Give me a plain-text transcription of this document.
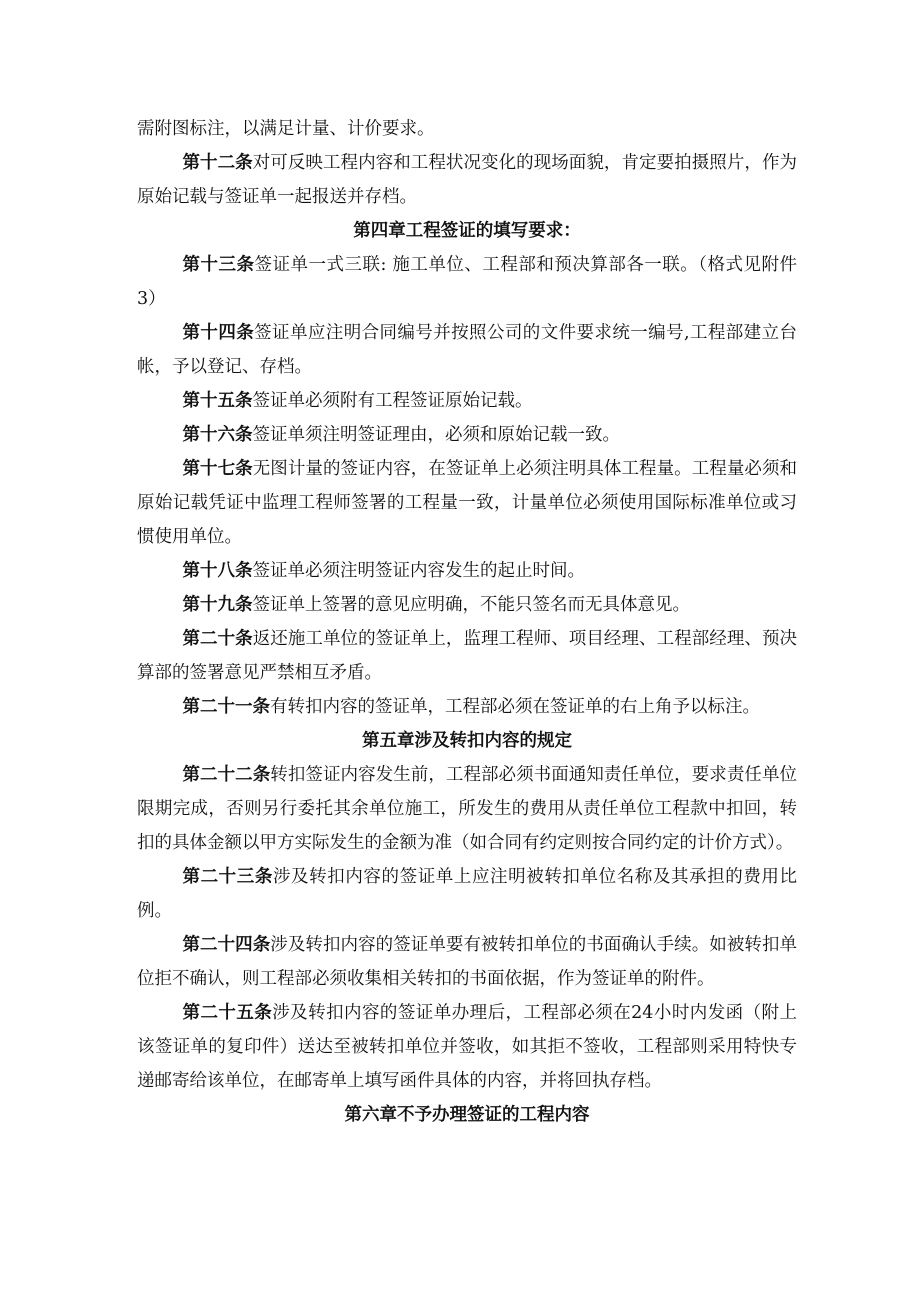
需附图标注，以满足计量、计价要求。

第十二条对可反映工程内容和工程状况变化的现场面貌，肯定要拍摄照片，作为原始记载与签证单一起报送并存档。

第四章工程签证的填写要求：

第十三条签证单一式三联: 施工单位、工程部和预决算部各一联。（格式见附件3）

第十四条签证单应注明合同编号并按照公司的文件要求统一编号,工程部建立台帐，予以登记、存档。

第十五条签证单必须附有工程签证原始记载。

第十六条签证单须注明签证理由，必须和原始记载一致。

第十七条无图计量的签证内容，在签证单上必须注明具体工程量。工程量必须和原始记载凭证中监理工程师签署的工程量一致，计量单位必须使用国际标准单位或习惯使用单位。

第十八条签证单必须注明签证内容发生的起止时间。

第十九条签证单上签署的意见应明确，不能只签名而无具体意见。

第二十条返还施工单位的签证单上，监理工程师、项目经理、工程部经理、预决算部的签署意见严禁相互矛盾。

第二十一条有转扣内容的签证单，工程部必须在签证单的右上角予以标注。

第五章涉及转扣内容的规定

第二十二条转扣签证内容发生前，工程部必须书面通知责任单位，要求责任单位限期完成，否则另行委托其余单位施工，所发生的费用从责任单位工程款中扣回，转扣的具体金额以甲方实际发生的金额为准（如合同有约定则按合同约定的计价方式）。

第二十三条涉及转扣内容的签证单上应注明被转扣单位名称及其承担的费用比例。

第二十四条涉及转扣内容的签证单要有被转扣单位的书面确认手续。如被转扣单位拒不确认，则工程部必须收集相关转扣的书面依据，作为签证单的附件。

第二十五条涉及转扣内容的签证单办理后，工程部必须在24小时内发函（附上该签证单的复印件）送达至被转扣单位并签收，如其拒不签收，工程部则采用特快专递邮寄给该单位，在邮寄单上填写函件具体的内容，并将回执存档。

第六章不予办理签证的工程内容
